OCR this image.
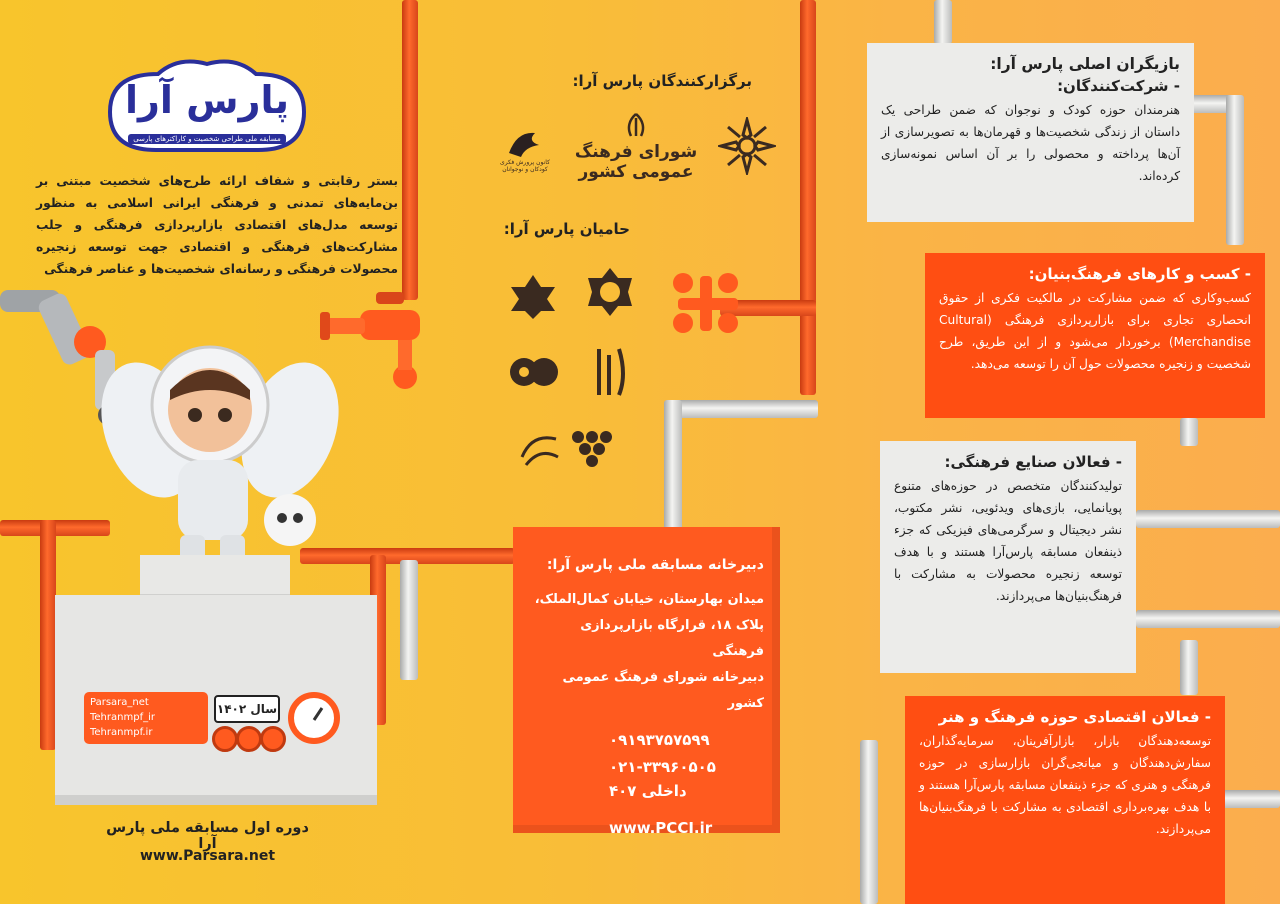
پارس آرا
مسابقه ملی طراحی شخصیت و کاراکترهای پارسی
بستر رقابتی و شفاف ارائه طرح‌های شخصیت مبتنی بر بن‌مایه‌های تمدنی و فرهنگی ایرانی اسلامی به منظور توسعه مدل‌های اقتصادی بازارپردازی فرهنگی و جلب مشارکت‌های فرهنگی و اقتصادی جهت توسعه زنجیره محصولات فرهنگی و رسانه‌ای شخصیت‌ها و عناصر فرهنگی
Parsara_net
Tehranmpf_ir
Tehranmpf.ir
سال ۱۴۰۲
دوره اول مسابقه ملی پارس آرا
www.Parsara.net
برگزارکنندگان پارس آرا:
شورای فرهنگ عمومی کشور
کانون پرورش فکری کودکان و نوجوانان
حامیان پارس آرا:
دبیرخانه مسابقه ملی پارس آرا:
میدان بهارستان، خیابان کمال‌الملک،
پلاک ۱۸، قرارگاه بازارپردازی فرهنگی
دبیرخانه شورای فرهنگ عمومی کشور
۰۹۱۹۳۷۵۷۵۹۹
۰۲۱-۳۳۹۶۰۵۰۵
داخلی ۴۰۷
www.PCCI.ir
بازیگران اصلی پارس آرا:
- شرکت‌کنندگان:

هنرمندان حوزه کودک و نوجوان که ضمن طراحی یک داستان از زندگی شخصیت‌ها و قهرمان‌ها به تصویرسازی از آن‌ها پرداخته و محصولی را بر آن اساس نمونه‌سازی کرده‌اند.

- کسب و کارهای فرهنگ‌بنیان:

کسب‌وکاری که ضمن مشارکت در مالکیت فکری از حقوق انحصاری تجاری برای بازارپردازی فرهنگی (Cultural Merchandise) برخوردار می‌شود و از این طریق، طرح شخصیت و زنجیره محصولات حول آن را توسعه می‌دهد.

- فعالان صنایع فرهنگی:

تولیدکنندگان متخصص در حوزه‌های متنوع پویانمایی، بازی‌های ویدئویی، نشر مکتوب، نشر دیجیتال و سرگرمی‌های فیزیکی که جزء ذینفعان مسابقه پارس‌آرا هستند و با هدف توسعه زنجیره محصولات به مشارکت با فرهنگ‌بنیان‌ها می‌پردازند.

- فعالان اقتصادی حوزه فرهنگ و هنر

توسعه‌دهندگان بازار، بازارآفرینان، سرمایه‌گذاران، سفارش‌دهندگان و میانجی‌گران بازارسازی در حوزه فرهنگی و هنری که جزء ذینفعان مسابقه پارس‌آرا هستند و با هدف بهره‌برداری اقتصادی به مشارکت با فرهنگ‌بنیان‌ها می‌پردازند.
